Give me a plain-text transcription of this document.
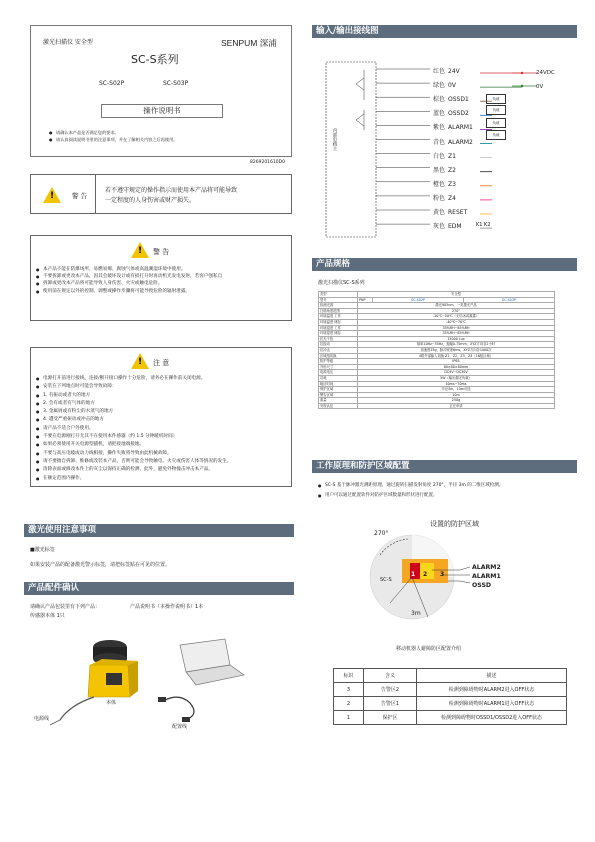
激光扫描仪 安全型	SENPUM 深浦
SC-S系列
SC-S02P	SC-S03P
操作说明书
● 请确认本产品是否满足您的要求。
● 请认真阅读说明书里的注意事项，并在了解相关内容之后再使用。
8269201610D0
!	警 告
若不遵守规定的操作指示而使用本产品将可能导致
一定程度的人身伤害或财产损失。
! 警 告
● 本产品不能在防爆场所，易燃易爆、腐蚀气体或高温潮湿环境中使用。
● 不要拆卸或更改本产品，因其会破坏设计或有损打开时再动机光发电发射，若客户强私自
● 拆卸或更改本产品将可能导致人身伤害、火灾或触电危险。
● 使用前在规定以外的控制，调整或操作步骤将可能导致危险的辐射泄露。
! 注 意
● 电源打开前进行接线，连接/断开接口操作十分危险，请务必在操作前关闭电源。
● 安装在下列地点时可能会导致故障：
● 1. 有振动或者大的地方
● 2. 会有或者有气体的地方
● 3. 金属屑或有粉尘的水蒸气的地方
● 4. 遭受严重振动或冲击的地方
● 请产品不适合户外使用。
● 不要在电源刚打开尤其不在使用本件感器（约 1.5 分钟暖机时间）
● 如果必须使用开关电源型插机，请把接地端接地。
● 不要与高压电缆或动力线相接，操作失败将导致由此机械故障。
● 请不要擅自拆卸、维修或改装本产品，否则可能会导致触电、火灾或伤害人体等情况的发生。
● 清除表面或修改本件上的灰尘以保持正确的检测，此外，避免外物撞击冲击本产品。
● 在额定范围内操作。
激光使用注意事项
■激光标签
如果安装产品的配备激光警示标签，请把标签贴在可见的位置。
产品配件确认
请确认产品包装里有下列产品：	产品说明书（本操作说明书）1本
传感器本体 1只
本体
电源线
配置线
输入/输出接线图
内部电路主
红色 24V
绿色 0V
棕色 OSSD1
蓝色 OSSD2
紫色 ALARM1
青色 ALARM2
白色 Z1
黑色 Z2
橙色 Z3
粉色 Z4
黄色 RESET
灰色 EDM
24VDC
0V
负载
负载
负载
负载
K1 K2
产品规格
激光扫描仪SC-S系列
类型	安全型		
型号	PNP	SC-S02P	SC-S03P
检测光源	激光905nm，一类激光产品		
扫描角度范围	270°		
环境温度 工作	-10℃~50℃（无结冰或凝露）		
环境温度 储存	-40℃~70℃		
环境湿度 工作	35%RH~85%RH		
环境湿度 储存	35%RH~85%RH		
抗光干扰	15000 Lux		
抗振动	频率10Hz~55Hz，振幅0.75mm，XYZ方向各2小时		
抗冲击	加速度15g，脉冲宽度6ms，XYZ方向各1000次		
区域组切换	4路外部输入切换 Z1，Z2，Z3，Z4（16组区域）		
防护等级	IP65		
外形尺寸	80×80×80mm		
电源电压	DC9V~DC30V		
功耗	5W（输出端无负载）		
响应时间	40ms~70ms		
保护区域	半径3m，10m可选		
警告区域	10m		
重量	250g		
安规认证	正在申请		
工作原理和防护区域配置
● SC-S 基于脉冲激光测距原理，通过旋转扫描发射角度 270°，半径 3m 的二维区域检测。
● 用户可以通过配置软件对防护区域数量和形状进行配置。
设置的防护区域
270°
SC-S
1 2 3
ALARM2
ALARM1
OSSD
3m
移动机器人避障防区配置介绍
标识	含义	描述
3	告警区2	检测到障碍物时ALARM2进入OFF状态
2	告警区1	检测到障碍物时ALARM1进入OFF状态
1	保护区	检测到障碍物时OSSD1/OSSD2进入OFF状态
